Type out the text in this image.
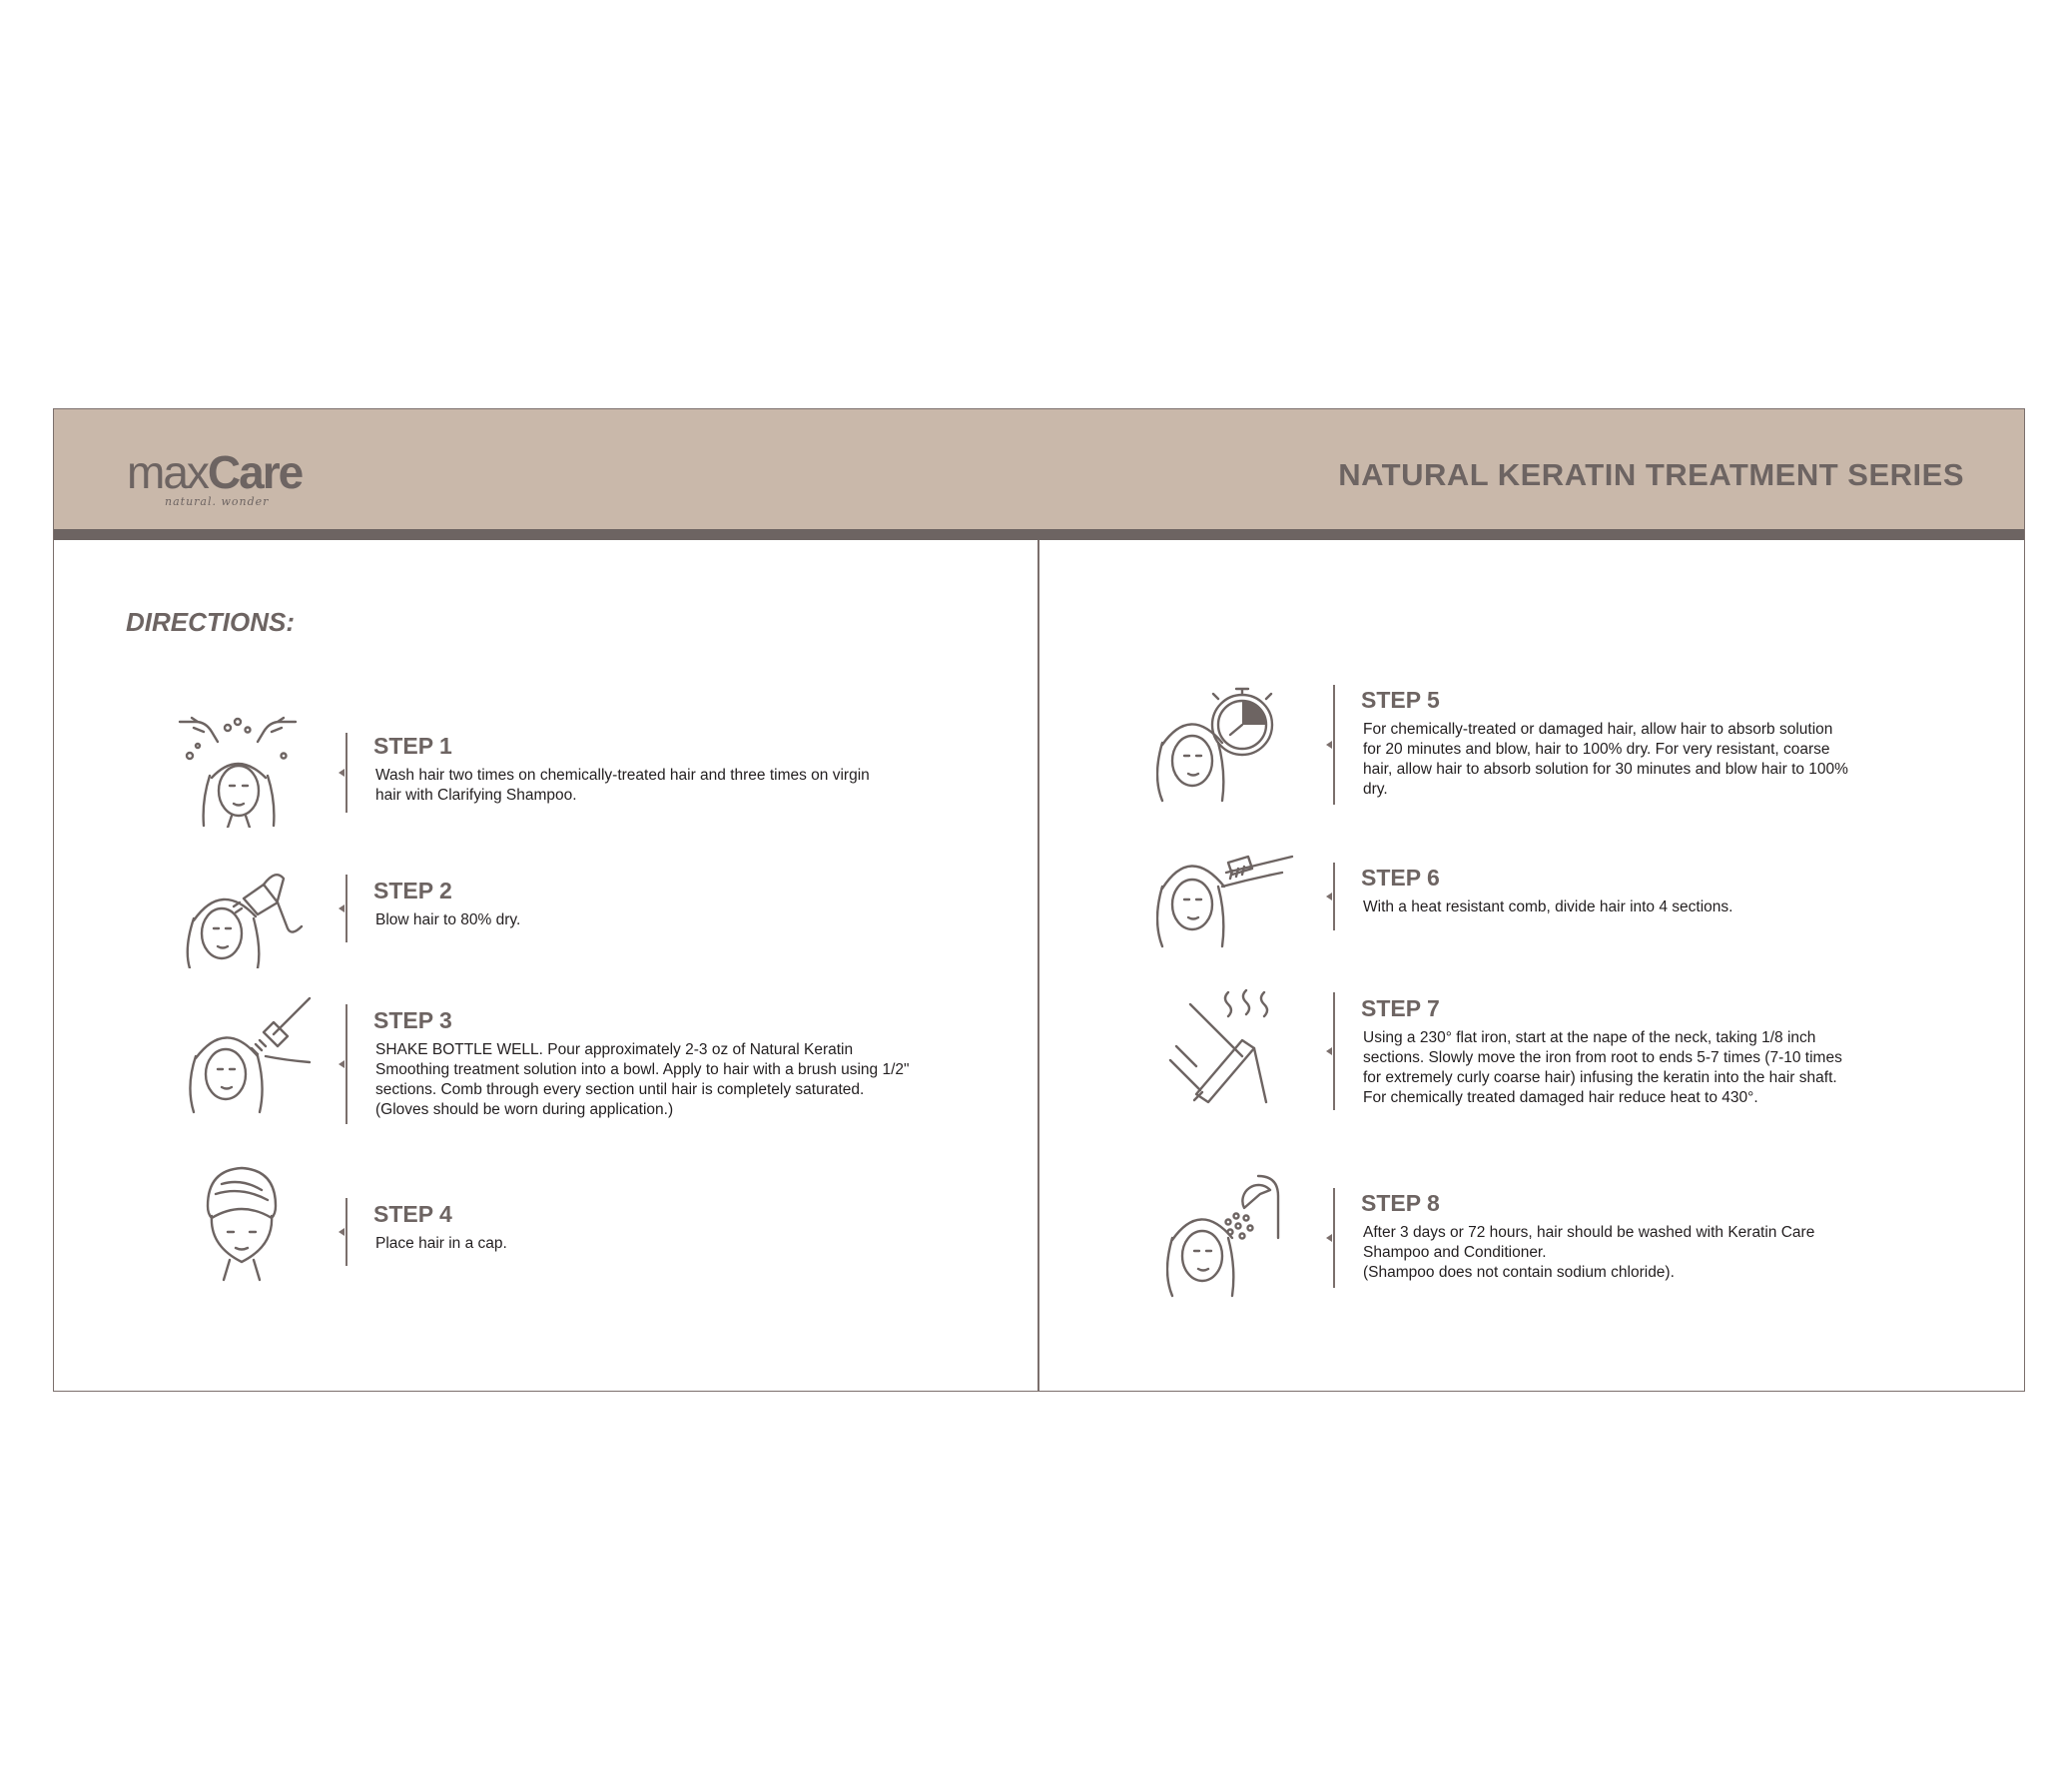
maxCare
natural. wonder
NATURAL KERATIN TREATMENT SERIES
DIRECTIONS:
STEP 1
Wash hair two times on chemically-treated hair and three times on virgin hair with Clarifying Shampoo.
STEP 2
Blow hair to 80% dry.
STEP 3
SHAKE BOTTLE WELL. Pour approximately 2-3 oz of Natural Keratin Smoothing treatment solution into a bowl. Apply to hair with a brush using 1/2" sections. Comb through every section until hair is completely saturated. (Gloves should be worn during application.)
STEP 4
Place hair in a cap.
STEP 5
For chemically-treated or damaged hair, allow hair to absorb solution for 20 minutes and blow, hair to 100% dry. For very resistant, coarse hair, allow hair to absorb solution for 30 minutes and blow hair to 100% dry.
STEP 6
With a heat resistant comb, divide hair into 4 sections.
STEP 7
Using a 230° flat iron, start at the nape of the neck, taking 1/8 inch sections. Slowly move the iron from root to ends 5-7 times (7-10 times for extremely curly coarse hair) infusing the keratin into the hair shaft. For chemically treated damaged hair reduce heat to 430°.
STEP 8
After 3 days or 72 hours, hair should be washed with Keratin Care Shampoo and Conditioner.
(Shampoo does not contain sodium chloride).
